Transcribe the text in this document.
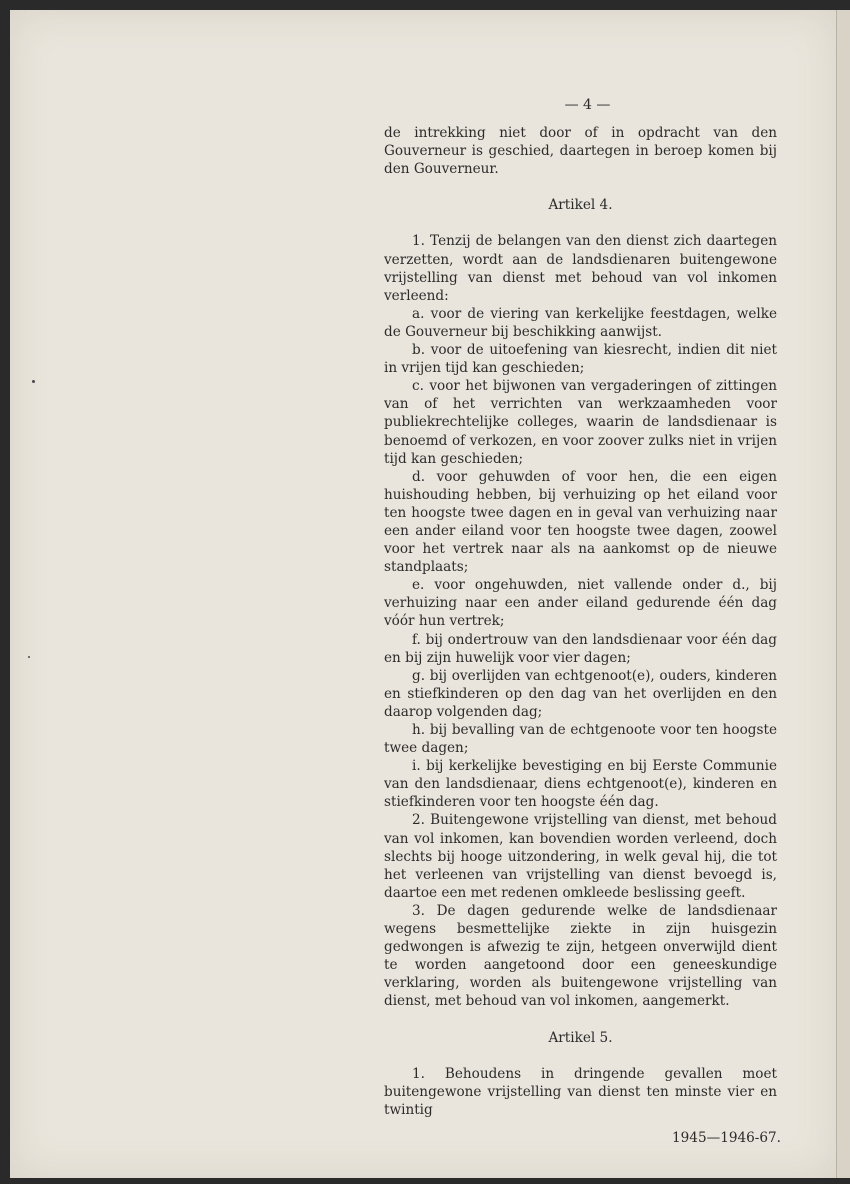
— 4 —

de intrekking niet door of in opdracht van den Gouverneur is geschied, daartegen in beroep komen bij den Gouverneur.

Artikel 4.

1. Tenzij de belangen van den dienst zich daartegen verzetten, wordt aan de landsdienaren buitengewone vrijstelling van dienst met behoud van vol inkomen verleend:

a. voor de viering van kerkelijke feestdagen, welke de Gouverneur bij beschikking aanwijst.

b. voor de uitoefening van kiesrecht, indien dit niet in vrijen tijd kan geschieden;

c. voor het bijwonen van vergaderingen of zittingen van of het verrichten van werkzaamheden voor publiekrechtelijke colleges, waarin de landsdienaar is benoemd of verkozen, en voor zoover zulks niet in vrijen tijd kan geschieden;

d. voor gehuwden of voor hen, die een eigen huishouding hebben, bij verhuizing op het eiland voor ten hoogste twee dagen en in geval van verhuizing naar een ander eiland voor ten hoogste twee dagen, zoowel voor het vertrek naar als na aankomst op de nieuwe standplaats;

e. voor ongehuwden, niet vallende onder d., bij verhuizing naar een ander eiland gedurende één dag vóór hun vertrek;

f. bij ondertrouw van den landsdienaar voor één dag en bij zijn huwelijk voor vier dagen;

g. bij overlijden van echtgenoot(e), ouders, kinderen en stiefkinderen op den dag van het overlijden en den daarop volgenden dag;

h. bij bevalling van de echtgenoote voor ten hoogste twee dagen;

i. bij kerkelijke bevestiging en bij Eerste Communie van den landsdienaar, diens echtgenoot(e), kinderen en stiefkinderen voor ten hoogste één dag.

2. Buitengewone vrijstelling van dienst, met behoud van vol inkomen, kan bovendien worden verleend, doch slechts bij hooge uitzondering, in welk geval hij, die tot het verleenen van vrijstelling van dienst bevoegd is, daartoe een met redenen omkleede beslissing geeft.

3. De dagen gedurende welke de landsdienaar wegens besmettelijke ziekte in zijn huisgezin gedwongen is afwezig te zijn, hetgeen onverwijld dient te worden aangetoond door een geneeskundige verklaring, worden als buitengewone vrijstelling van dienst, met behoud van vol inkomen, aangemerkt.

Artikel 5.

1. Behoudens in dringende gevallen moet buitengewone vrijstelling van dienst ten minste vier en twintig

1945—1946-67.
